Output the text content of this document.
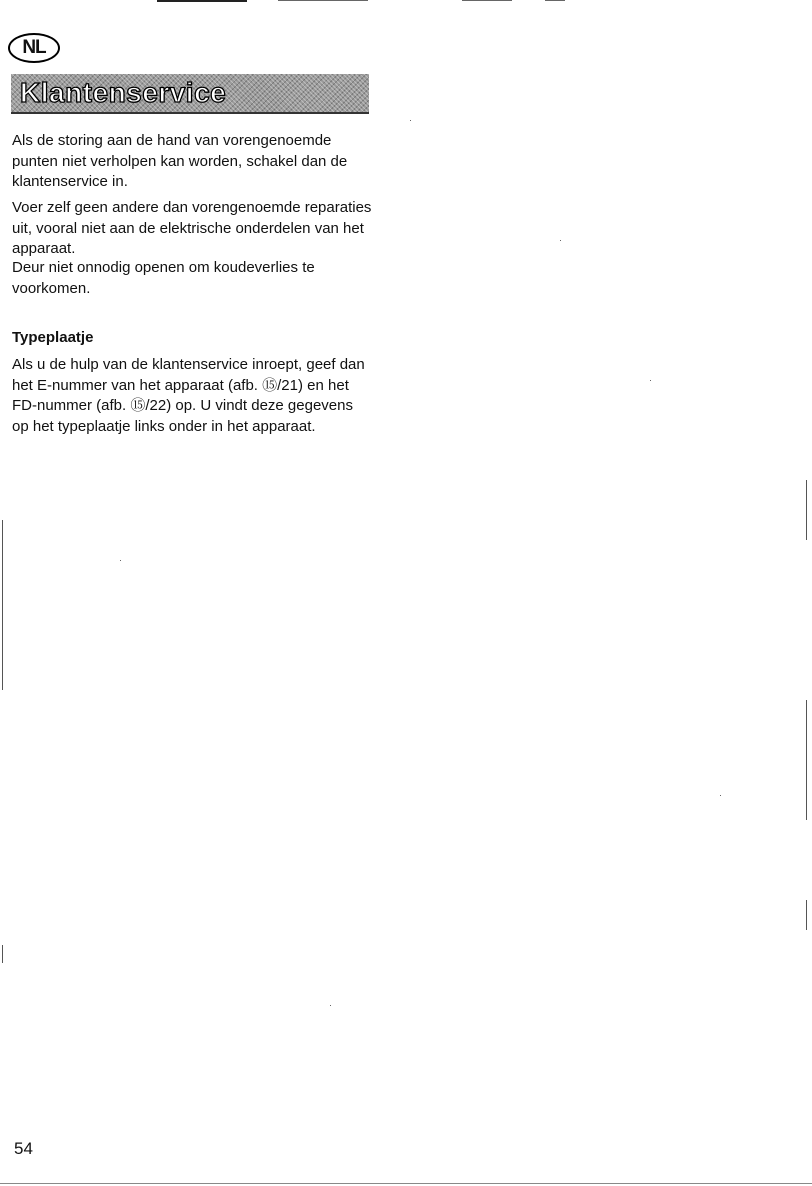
NL
Klantenservice

Als de storing aan de hand van vorengenoemde punten niet verholpen kan worden, schakel dan de klantenservice in.

Voer zelf geen andere dan vorengenoemde reparaties uit, vooral niet aan de elektrische onderdelen van het apparaat.

Deur niet onnodig openen om koudeverlies te voorkomen.

Typeplaatje

Als u de hulp van de klantenservice inroept, geef dan het E-nummer van het apparaat (afb. ⑮/21) en het FD-nummer (afb. ⑮/22) op. U vindt deze gegevens op het typeplaatje links onder in het apparaat.

54
